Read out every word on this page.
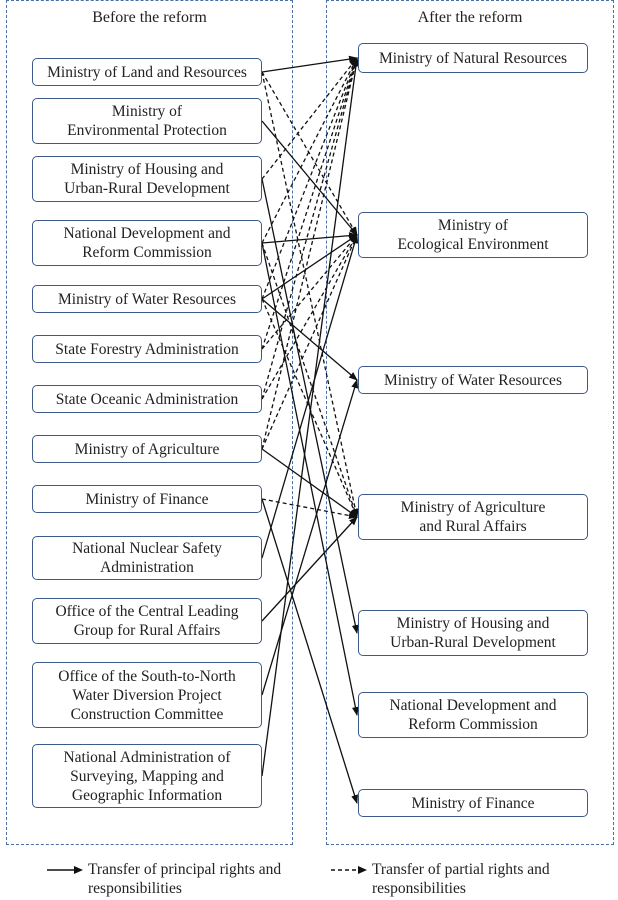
Before the reform	After the reform
Ministry of Land and Resources
Ministry of
Environmental Protection
Ministry of Housing and
Urban-Rural Development
National Development and
Reform Commission
Ministry of Water Resources
State Forestry Administration
State Oceanic Administration
Ministry of Agriculture
Ministry of Finance
National Nuclear Safety
Administration
Office of the Central Leading
Group for Rural Affairs
Office of the South-to-North
Water Diversion Project
Construction Committee
National Administration of
Surveying, Mapping and
Geographic Information
Ministry of Natural Resources
Ministry of
Ecological Environment
Ministry of Water Resources
Ministry of Agriculture
and Rural Affairs
Ministry of Housing and
Urban-Rural Development
National Development and
Reform Commission
Ministry of Finance
Transfer of principal rights and
responsibilities
Transfer of partial rights and
responsibilities
